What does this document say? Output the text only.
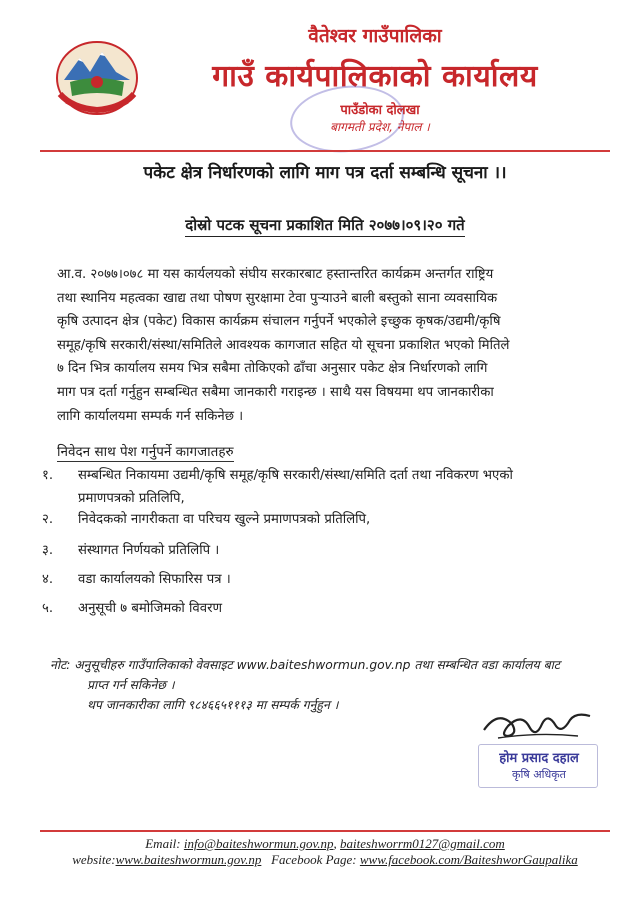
वैतेश्वर गाउँपालिका
गाउँ कार्यपालिकाको कार्यालय
पाउँडोका दोलखा
बागमती प्रदेश, नेपाल ।
पकेट क्षेत्र निर्धारणको लागि माग पत्र दर्ता सम्बन्धि सूचना ।।
दोस्रो पटक सूचना प्रकाशित मिति २०७७।०९।२० गते
आ.व. २०७७।०७८ मा यस कार्यलयको संघीय सरकारबाट हस्तान्तरित कार्यक्रम अन्तर्गत राष्ट्रिय
तथा स्थानिय महत्वका खाद्य तथा पोषण सुरक्षामा टेवा पुर्‍याउने बाली बस्तुको साना व्यवसायिक
कृषि उत्पादन क्षेत्र (पकेट) विकास कार्यक्रम संचालन गर्नुपर्ने भएकोले इच्छुक कृषक/उद्यमी/कृषि
समूह/कृषि सरकारी/संस्था/समितिले आवश्यक कागजात सहित यो सूचना प्रकाशित भएको मितिले
७ दिन भित्र कार्यालय समय भित्र सबैमा तोकिएको ढाँचा अनुसार पकेट क्षेत्र निर्धारणको लागि
माग पत्र दर्ता गर्नुहुन सम्बन्धित सबैमा जानकारी गराइन्छ । साथै यस विषयमा थप जानकारीका
लागि कार्यालयमा सम्पर्क गर्न सकिनेछ ।
निवेदन साथ पेश गर्नुपर्ने कागजातहरु
१.	सम्बन्धित निकायमा उद्यमी/कृषि समूह/कृषि सरकारी/संस्था/समिति दर्ता तथा नविकरण भएको
प्रमाणपत्रको प्रतिलिपि,
२.	निवेदकको नागरीकता वा परिचय खुल्ने प्रमाणपत्रको प्रतिलिपि,
३.	संस्थागत निर्णयको प्रतिलिपि ।
४.	वडा कार्यालयको सिफारिस पत्र ।
५.	अनुसूची ७ बमोजिमको विवरण
नोट: अनुसूचीहरु गाउँपालिकाको वेवसाइट www.baiteshwormun.gov.np तथा सम्बन्धित वडा कार्यालय बाट
प्राप्त गर्न सकिनेछ ।
थप जानकारीका लागि ९८४६६५१११३ मा सम्पर्क गर्नुहुन ।
होम प्रसाद दहाल
कृषि अधिकृत
Email: info@baiteshwormun.gov.np, baiteshworrm0127@gmail.com
website:www.baiteshwormun.gov.np Facebook Page: www.facebook.com/BaiteshworGaupalika
